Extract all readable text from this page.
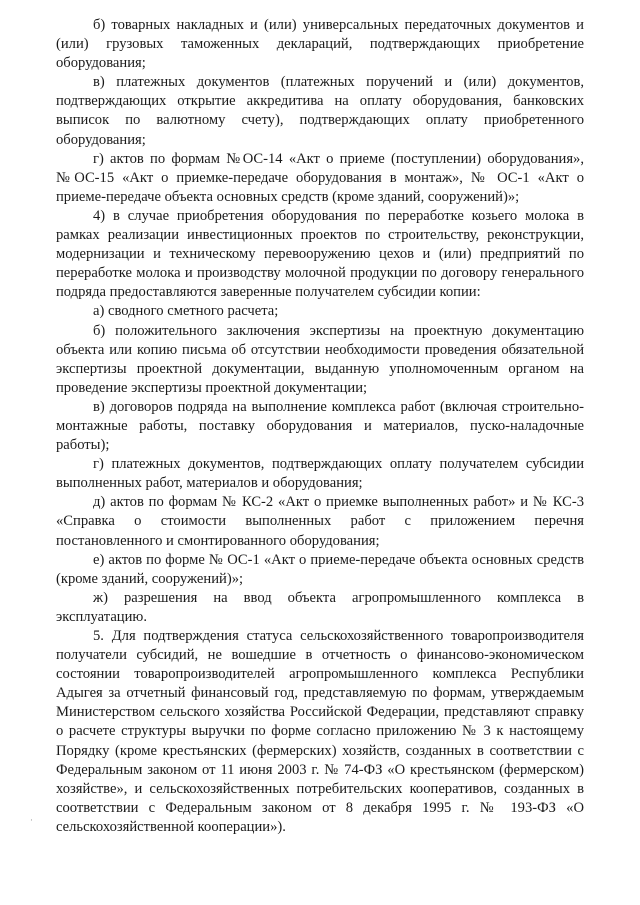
б) товарных накладных и (или) универсальных передаточных документов и (или) грузовых таможенных деклараций, подтверждающих приобретение оборудования;

в) платежных документов (платежных поручений и (или) документов, подтверждающих открытие аккредитива на оплату оборудования, банковских выписок по валютному счету), подтверждающих оплату приобретенного оборудования;

г) актов по формам №ОС-14 «Акт о приеме (поступлении) оборудования», №ОС-15 «Акт о приемке-передаче оборудования в монтаж», № ОС-1 «Акт о приеме-передаче объекта основных средств (кроме зданий, сооружений)»;

4) в случае приобретения оборудования по переработке козьего молока в рамках реализации инвестиционных проектов по строительству, реконструкции, модернизации и техническому перевооружению цехов и (или) предприятий по переработке молока и производству молочной продукции по договору генерального подряда предоставляются заверенные получателем субсидии копии:

а) сводного сметного расчета;

б) положительного заключения экспертизы на проектную документацию объекта или копию письма об отсутствии необходимости проведения обязательной экспертизы проектной документации, выданную уполномоченным органом на проведение экспертизы проектной документации;

в) договоров подряда на выполнение комплекса работ (включая строительно-монтажные работы, поставку оборудования и материалов, пуско-наладочные работы);

г) платежных документов, подтверждающих оплату получателем субсидии выполненных работ, материалов и оборудования;

д) актов по формам № КС-2 «Акт о приемке выполненных работ» и № КС-3 «Справка о стоимости выполненных работ с приложением перечня постановленного и смонтированного оборудования;

е) актов по форме № ОС-1 «Акт о приеме-передаче объекта основных средств (кроме зданий, сооружений)»;

ж) разрешения на ввод объекта агропромышленного комплекса в эксплуатацию.

5. Для подтверждения статуса сельскохозяйственного товаропроизводителя получатели субсидий, не вошедшие в отчетность о финансово-экономическом состоянии товаропроизводителей агропромышленного комплекса Республики Адыгея за отчетный финансовый год, представляемую по формам, утверждаемым Министерством сельского хозяйства Российской Федерации, представляют справку о расчете структуры выручки по форме согласно приложению № 3 к настоящему Порядку (кроме крестьянских (фермерских) хозяйств, созданных в соответствии с Федеральным законом от 11 июня 2003 г. № 74-ФЗ «О крестьянском (фермерском) хозяйстве», и сельскохозяйственных потребительских кооперативов, созданных в соответствии с Федеральным законом от 8 декабря 1995 г. № 193-ФЗ «О сельскохозяйственной кооперации»).

·
